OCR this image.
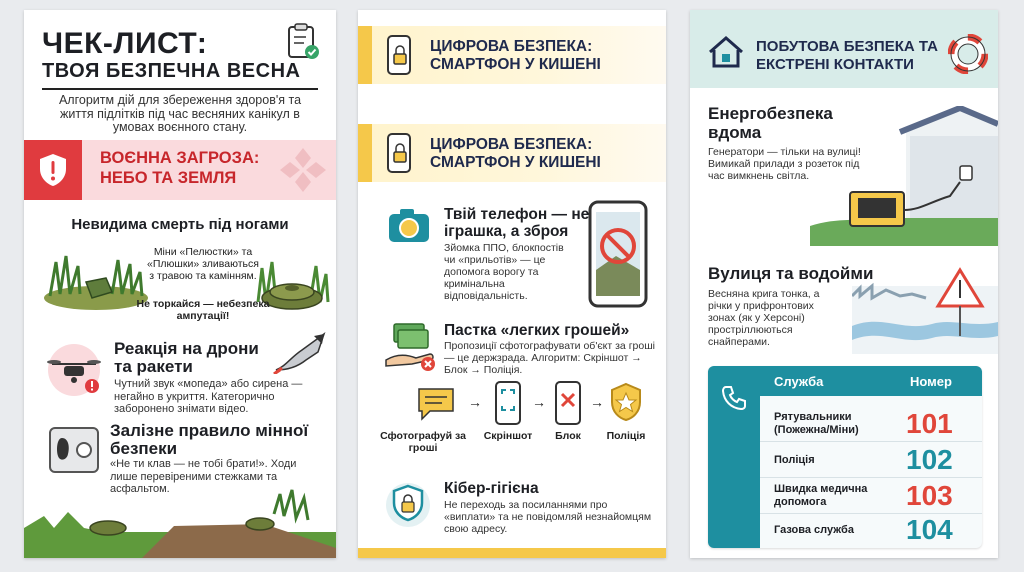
ЧЕК-ЛИСТ:
ТВОЯ БЕЗПЕЧНА ВЕСНА
Алгоритм дій для збереження здоров'я та життя підлітків під час весняних канікул в умовах воєнного стану.
ВОЄННА ЗАГРОЗА: НЕБО ТА ЗЕМЛЯ
Невидима смерть під ногами
Міни «Пелюстки» та «Плюшки» зливаються з травою та камінням.
Не торкайся — небезпека ампутації!
Реакція на дрони та ракети
Чутний звук «мопеда» або сирена — негайно в укриття. Категорично заборонено знімати відео.
Залізне правило мінної безпеки
«Не ти клав — не тобі брати!». Ходи лише перевіреними стежками та асфальтом.
ЦИФРОВА БЕЗПЕКА: СМАРТФОН У КИШЕНІ
ЦИФРОВА БЕЗПЕКА: СМАРТФОН У КИШЕНІ
Твій телефон — не іграшка, а зброя
Зйомка ППО, блокпостів чи «прильотів» — це допомога ворогу та кримінальна відповідальність.
Пастка «легких грошей»
Пропозиції сфотографувати об'єкт за гроші — це держзрада. Алгоритм: Скріншот → Блок → Поліція.
→	→	→
Сфотографуй за гроші
Скріншот	Блок	Поліція
Кібер-гігієна
Не переходь за посиланнями про «виплати» та не повідомляй незнайомцям свою адресу.
ПОБУТОВА БЕЗПЕКА ТА ЕКСТРЕНІ КОНТАКТИ
Енергобезпека вдома
Генератори — тільки на вулиці! Вимикай прилади з розеток під час вимкнень світла.
Вулиця та водойми
Весняна крига тонка, а річки у прифронтових зонах (як у Херсоні) простріллюються снайперами.
Служба	Номер
Рятувальники (Пожежна/Міни)	101
Поліція	102
Швидка медична допомога	103
Газова служба	104
